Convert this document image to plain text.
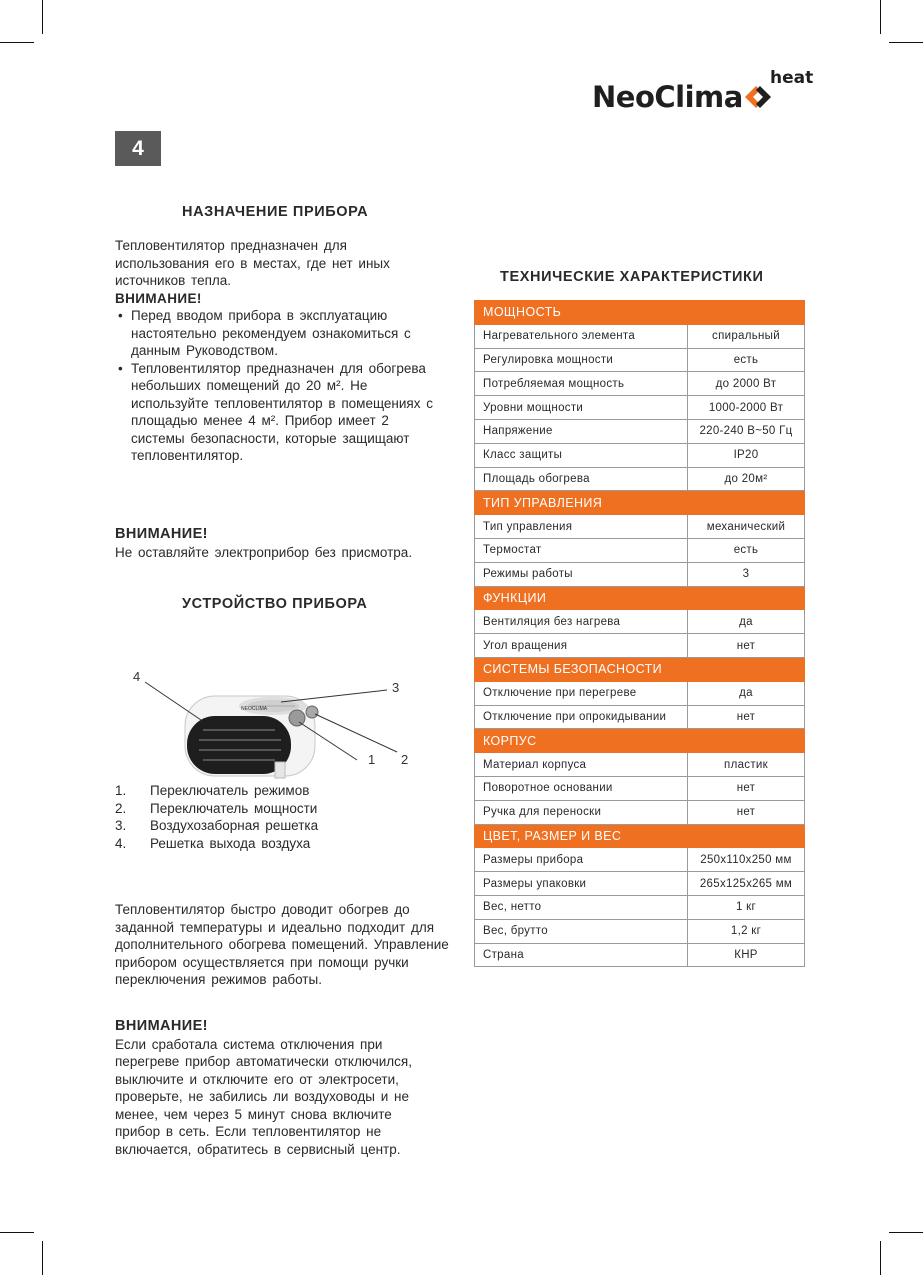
NeoClima
heat
4
НАЗНАЧЕНИЕ ПРИБОРА
Тепловентилятор предназначен для использования его в местах, где нет иных источников тепла.
ВНИМАНИЕ!
• Перед вводом прибора в эксплуатацию настоятельно рекомендуем ознакомиться с данным Руководством.
• Тепловентилятор предназначен для обогрева небольших помещений до 20 м². Не используйте тепловентилятор в помещениях с площадью менее 4 м². Прибор имеет 2 системы безопасности, которые защищают тепловентилятор.
ВНИМАНИЕ!
Не оставляйте электроприбор без присмотра.
УСТРОЙСТВО ПРИБОРА
NEOCLIMA
4
3
1 2
1. Переключатель режимов
2. Переключатель мощности
3. Воздухозаборная решетка
4. Решетка выхода воздуха
Тепловентилятор быстро доводит обогрев до заданной температуры и идеально подходит для дополнительного обогрева помещений. Управление прибором осуществляется при помощи ручки переключения режимов работы.
ВНИМАНИЕ!
Если сработала система отключения при перегреве прибор автоматически отключился, выключите и отключите его от электросети, проверьте, не забились ли воздуховоды и не менее, чем через 5 минут снова включите прибор в сеть. Если тепловентилятор не включается, обратитесь в сервисный центр.
ТЕХНИЧЕСКИЕ ХАРАКТЕРИСТИКИ
МОЩНОСТЬ	
Нагревательного элемента	спиральный
Регулировка мощности	есть
Потребляемая мощность	до 2000 Вт
Уровни мощности	1000-2000 Вт
Напряжение	220-240 В~50 Гц
Класс защиты	IP20
Площадь обогрева	до 20м²
ТИП УПРАВЛЕНИЯ	
Тип управления	механический
Термостат	есть
Режимы работы	3
ФУНКЦИИ	
Вентиляция без нагрева	да
Угол вращения	нет
СИСТЕМЫ БЕЗОПАСНОСТИ	
Отключение при перегреве	да
Отключение при опрокидывании	нет
КОРПУС	
Материал корпуса	пластик
Поворотное основании	нет
Ручка для переноски	нет
ЦВЕТ, РАЗМЕР И ВЕС	
Размеры прибора	250x110x250 мм
Размеры упаковки	265x125x265 мм
Вес, нетто	1 кг
Вес, брутто	1,2 кг
Страна	КНР
